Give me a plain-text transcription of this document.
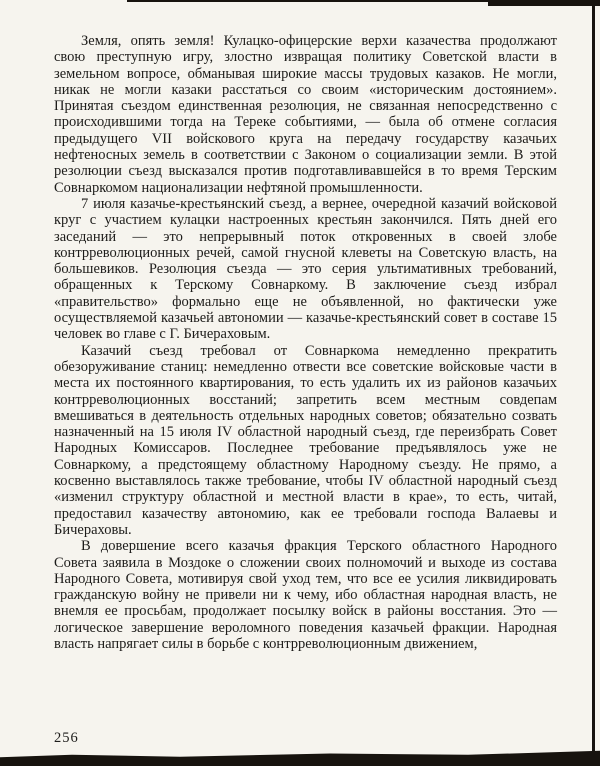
Земля, опять земля! Кулацко-офицерские верхи казачества продолжают свою преступную игру, злостно извращая политику Советской власти в земельном вопросе, обманывая широкие массы трудовых казаков. Не могли, никак не могли казаки расстаться со своим «историческим достоянием». Принятая съездом единственная резолюция, не связанная непосредственно с происходившими тогда на Тереке событиями, — была об отмене согласия предыдущего VII войскового круга на передачу государству казачьих нефтеносных земель в соответствии с Законом о социализации земли. В этой резолюции съезд высказался против подготавливавшейся в то время Терским Совнаркомом национализации нефтяной промышленности.

7 июля казачье-крестьянский съезд, а вернее, очередной казачий войсковой круг с участием кулацки настроенных крестьян закончился. Пять дней его заседаний — это непрерывный поток откровенных в своей злобе контрреволюционных речей, самой гнусной клеветы на Советскую власть, на большевиков. Резолюция съезда — это серия ультимативных требований, обращенных к Терскому Совнаркому. В заключение съезд избрал «правительство» формально еще не объявленной, но фактически уже осуществляемой казачьей автономии — казачье-крестьянский совет в составе 15 человек во главе с Г. Бичераховым.

Казачий съезд требовал от Совнаркома немедленно прекратить обезоруживание станиц: немедленно отвести все советские войсковые части в места их постоянного квартирования, то есть удалить их из районов казачьих контрреволюционных восстаний; запретить всем местным совдепам вмешиваться в деятельность отдельных народных советов; обязательно созвать назначенный на 15 июля IV областной народный съезд, где переизбрать Совет Народных Комиссаров. Последнее требование предъявлялось уже не Совнаркому, а предстоящему областному Народному съезду. Не прямо, а косвенно выставлялось также требование, чтобы IV областной народный съезд «изменил структуру областной и местной власти в крае», то есть, читай, предоставил казачеству автономию, как ее требовали господа Валаевы и Бичераховы.

В довершение всего казачья фракция Терского областного Народного Совета заявила в Моздоке о сложении своих полномочий и выходе из состава Народного Совета, мотивируя свой уход тем, что все ее усилия ликвидировать гражданскую войну не привели ни к чему, ибо областная народная власть, не внемля ее просьбам, продолжает посылку войск в районы восстания. Это — логическое завершение вероломного поведения казачьей фракции. Народная власть напрягает силы в борьбе с контрреволюционным движением,

256
